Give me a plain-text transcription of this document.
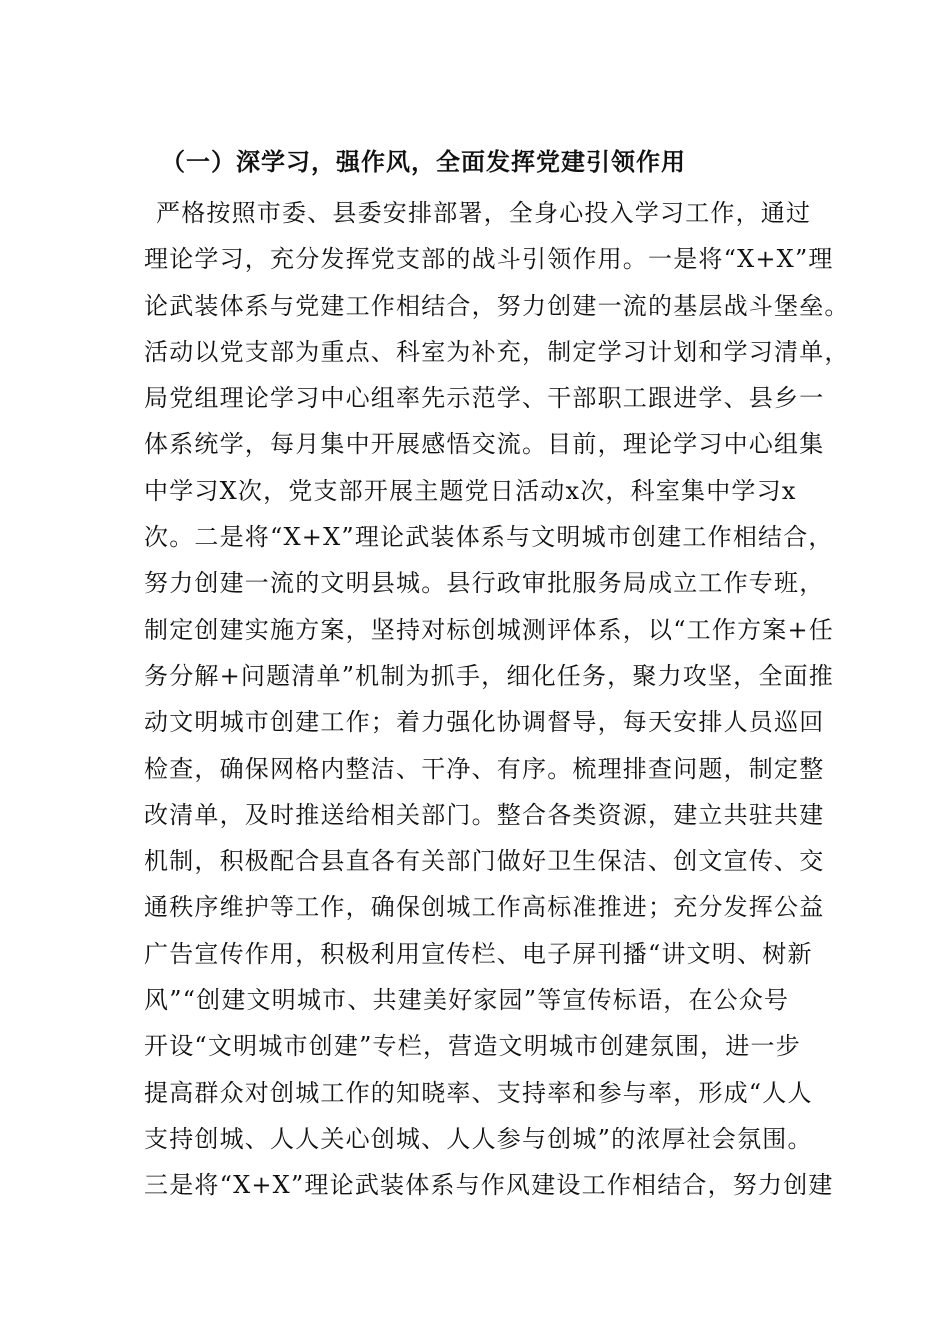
（一）深学习，强作风，全面发挥党建引领作用
严格按照市委、县委安排部署，全身心投入学习工作，通过
理论学习，充分发挥党支部的战斗引领作用。一是将“X+X”理
论武装体系与党建工作相结合，努力创建一流的基层战斗堡垒。
活动以党支部为重点、科室为补充，制定学习计划和学习清单，
局党组理论学习中心组率先示范学、干部职工跟进学、县乡一
体系统学，每月集中开展感悟交流。目前，理论学习中心组集
中学习X次，党支部开展主题党日活动x次，科室集中学习x
次。二是将“X+X”理论武装体系与文明城市创建工作相结合，
努力创建一流的文明县城。县行政审批服务局成立工作专班，
制定创建实施方案，坚持对标创城测评体系，以“工作方案+任
务分解+问题清单”机制为抓手，细化任务，聚力攻坚，全面推
动文明城市创建工作；着力强化协调督导，每天安排人员巡回
检查，确保网格内整洁、干净、有序。梳理排查问题，制定整
改清单，及时推送给相关部门。整合各类资源，建立共驻共建
机制，积极配合县直各有关部门做好卫生保洁、创文宣传、交
通秩序维护等工作，确保创城工作高标准推进；充分发挥公益
广告宣传作用，积极利用宣传栏、电子屏刊播“讲文明、树新
风”“创建文明城市、共建美好家园”等宣传标语，在公众号
开设“文明城市创建”专栏，营造文明城市创建氛围，进一步
提高群众对创城工作的知晓率、支持率和参与率，形成“人人
支持创城、人人关心创城、人人参与创城”的浓厚社会氛围。
三是将“X+X”理论武装体系与作风建设工作相结合，努力创建
